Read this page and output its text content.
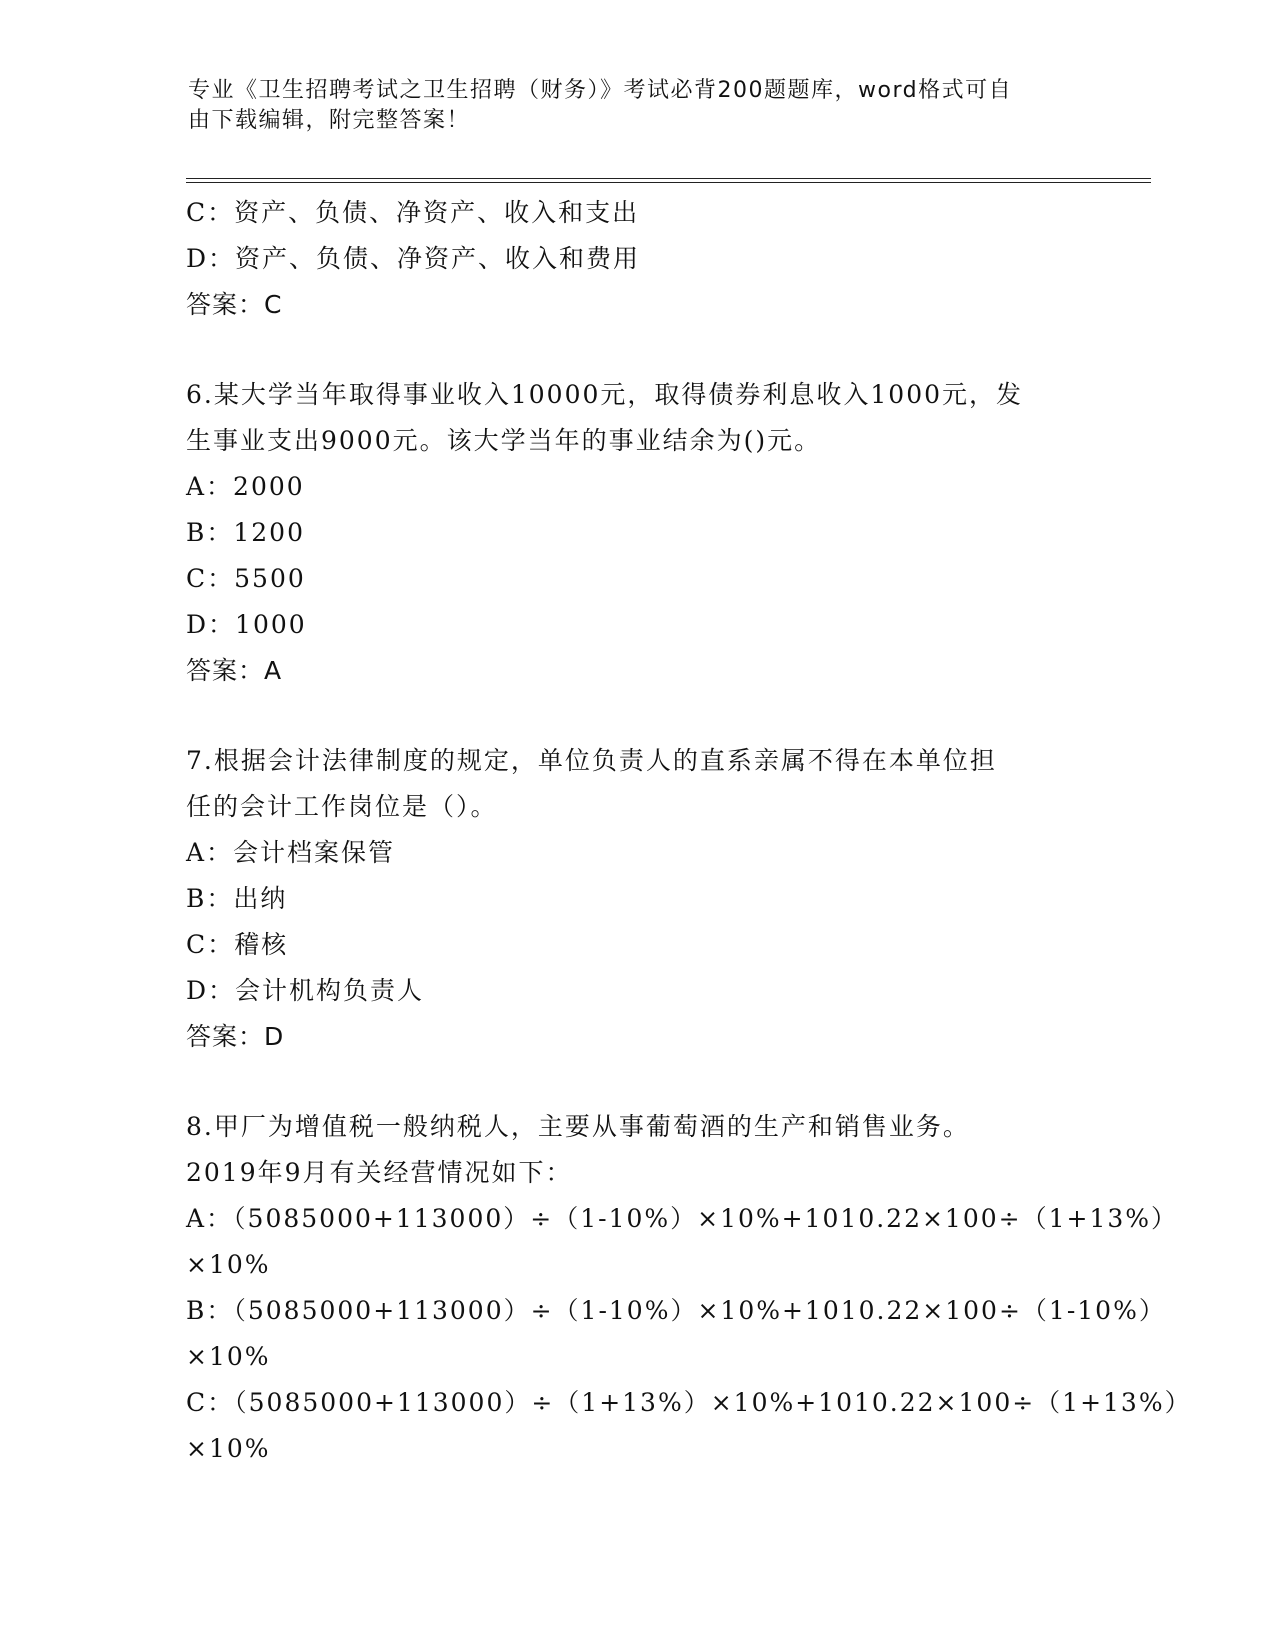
专业《卫生招聘考试之卫生招聘（财务）》考试必背200题题库，word格式可自
由下载编辑，附完整答案！
C：资产、负债、净资产、收入和支出
D：资产、负债、净资产、收入和费用
答案：C
6.某大学当年取得事业收入10000元，取得债券利息收入1000元，发
生事业支出9000元。该大学当年的事业结余为()元。
A：2000
B：1200
C：5500
D：1000
答案：A
7.根据会计法律制度的规定，单位负责人的直系亲属不得在本单位担
任的会计工作岗位是（）。
A：会计档案保管
B：出纳
C：稽核
D：会计机构负责人
答案：D
8.甲厂为增值税一般纳税人，主要从事葡萄酒的生产和销售业务。
2019年9月有关经营情况如下：
A：（5085000+113000）÷（1-10%）×10%+1010.22×100÷（1+13%）
×10%
B：（5085000+113000）÷（1-10%）×10%+1010.22×100÷（1-10%）
×10%
C：（5085000+113000）÷（1+13%）×10%+1010.22×100÷（1+13%）
×10%
